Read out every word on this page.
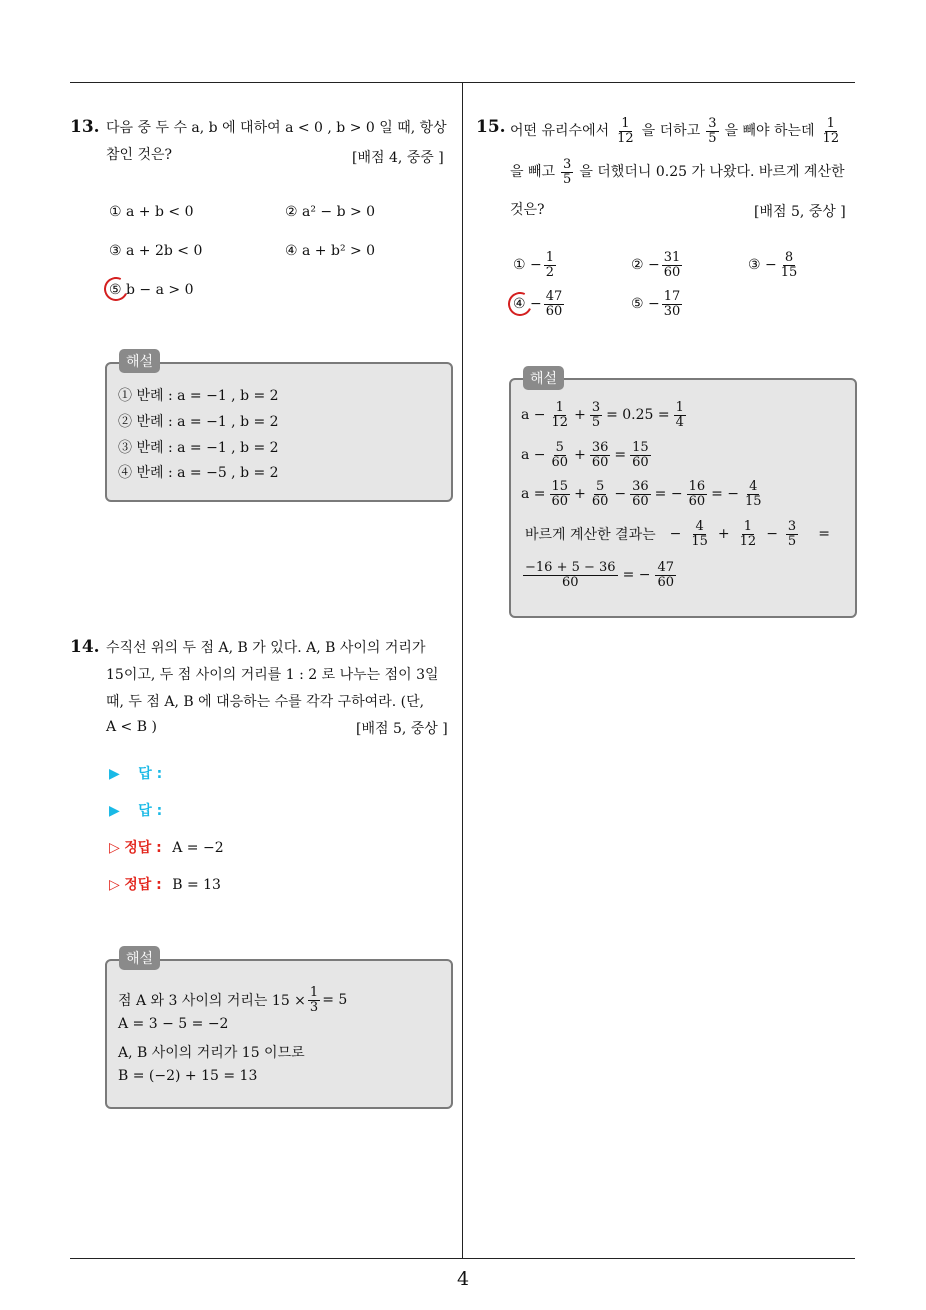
4
13. 다음 중 두 수 a, b 에 대하여 a < 0 , b > 0 일 때, 항상
참인 것은?	[배점 4, 중중 ]
① a + b < 0	② a² − b > 0
③ a + 2b < 0	④ a + b² > 0
⑤ b − a > 0
해설
① 반례 : a = −1 , b = 2
② 반례 : a = −1 , b = 2
③ 반례 : a = −1 , b = 2
④ 반례 : a = −5 , b = 2
14. 수직선 위의 두 점 A, B 가 있다. A, B 사이의 거리가
15이고, 두 점 사이의 거리를 1 : 2 로 나누는 점이 3일
때, 두 점 A, B 에 대응하는 수를 각각 구하여라. (단,
A < B )	[배점 5, 중상 ]
▶ 답 :
▶ 답 :
▷ 정답 : A = −2
▷ 정답 : B = 13
해설
점 A 와 3 사이의 거리는 $15 \times \frac{1}{3} = 5$
A = 3 − 5 = −2
A, B 사이의 거리가 15 이므로
B = (−2) + 15 = 13
15. 어떤 유리수에서 $\frac{1}{12}$ 을 더하고 $\frac{3}{5}$ 을 빼야 하는데 $\frac{1}{12}$
을 빼고 $\frac{3}{5}$ 을 더했더니 0.25 가 나왔다. 바르게 계산한
것은?	[배점 5, 중상 ]
①
− $\frac{1}{2}$	②
− $\frac{31}{60}$	③
− $\frac{8}{15}$
④
− $\frac{47}{60}$	⑤
− $\frac{17}{30}$
해설
$a - \frac{1}{12} + \frac{3}{5} = 0.25 = \frac{1}{4}$
$a - \frac{5}{60} + \frac{36}{60} = \frac{15}{60}$
$a = \frac{15}{60} + \frac{5}{60} - \frac{36}{60}$ = − $\frac{16}{60}$ = − $\frac{4}{15}$
바르게 계산한 결과는 − $\frac{4}{15} + \frac{1}{12} - \frac{3}{5}$ =
$\frac{-16 + 5 - 36}{60}$ = − $\frac{47}{60}$
